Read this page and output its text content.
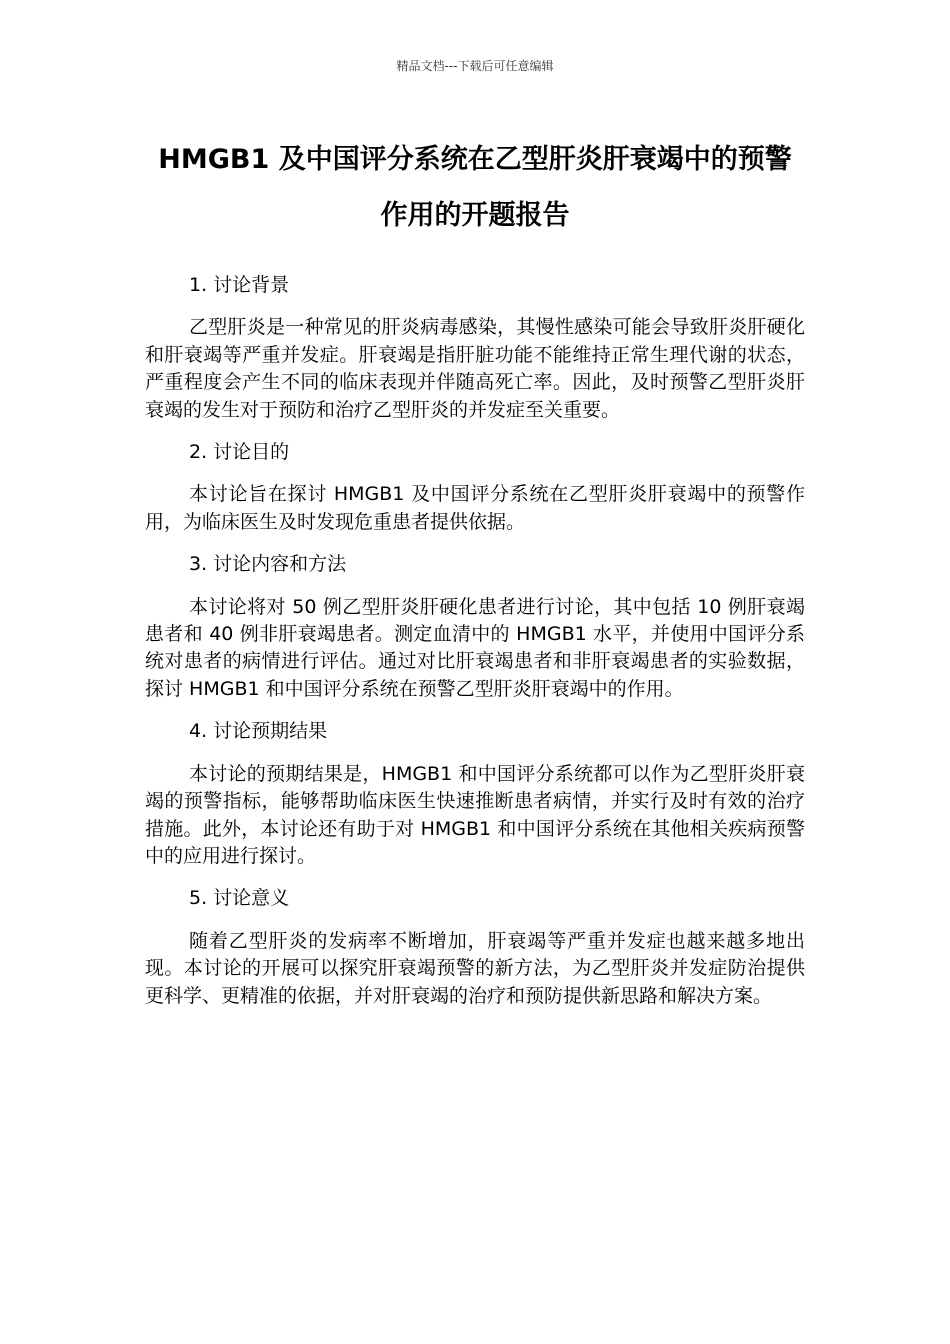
精品文档---下载后可任意编辑
HMGB1 及中国评分系统在乙型肝炎肝衰竭中的预警
作用的开题报告

1. 讨论背景

乙型肝炎是一种常见的肝炎病毒感染，其慢性感染可能会导致肝炎肝硬化和肝衰竭等严重并发症。肝衰竭是指肝脏功能不能维持正常生理代谢的状态，严重程度会产生不同的临床表现并伴随高死亡率。因此，及时预警乙型肝炎肝衰竭的发生对于预防和治疗乙型肝炎的并发症至关重要。

2. 讨论目的

本讨论旨在探讨 HMGB1 及中国评分系统在乙型肝炎肝衰竭中的预警作用，为临床医生及时发现危重患者提供依据。

3. 讨论内容和方法

本讨论将对 50 例乙型肝炎肝硬化患者进行讨论，其中包括 10 例肝衰竭患者和 40 例非肝衰竭患者。测定血清中的 HMGB1 水平，并使用中国评分系统对患者的病情进行评估。通过对比肝衰竭患者和非肝衰竭患者的实验数据，探讨 HMGB1 和中国评分系统在预警乙型肝炎肝衰竭中的作用。

4. 讨论预期结果

本讨论的预期结果是，HMGB1 和中国评分系统都可以作为乙型肝炎肝衰竭的预警指标，能够帮助临床医生快速推断患者病情，并实行及时有效的治疗措施。此外，本讨论还有助于对 HMGB1 和中国评分系统在其他相关疾病预警中的应用进行探讨。

5. 讨论意义

随着乙型肝炎的发病率不断增加，肝衰竭等严重并发症也越来越多地出现。本讨论的开展可以探究肝衰竭预警的新方法，为乙型肝炎并发症防治提供更科学、更精准的依据，并对肝衰竭的治疗和预防提供新思路和解决方案。
